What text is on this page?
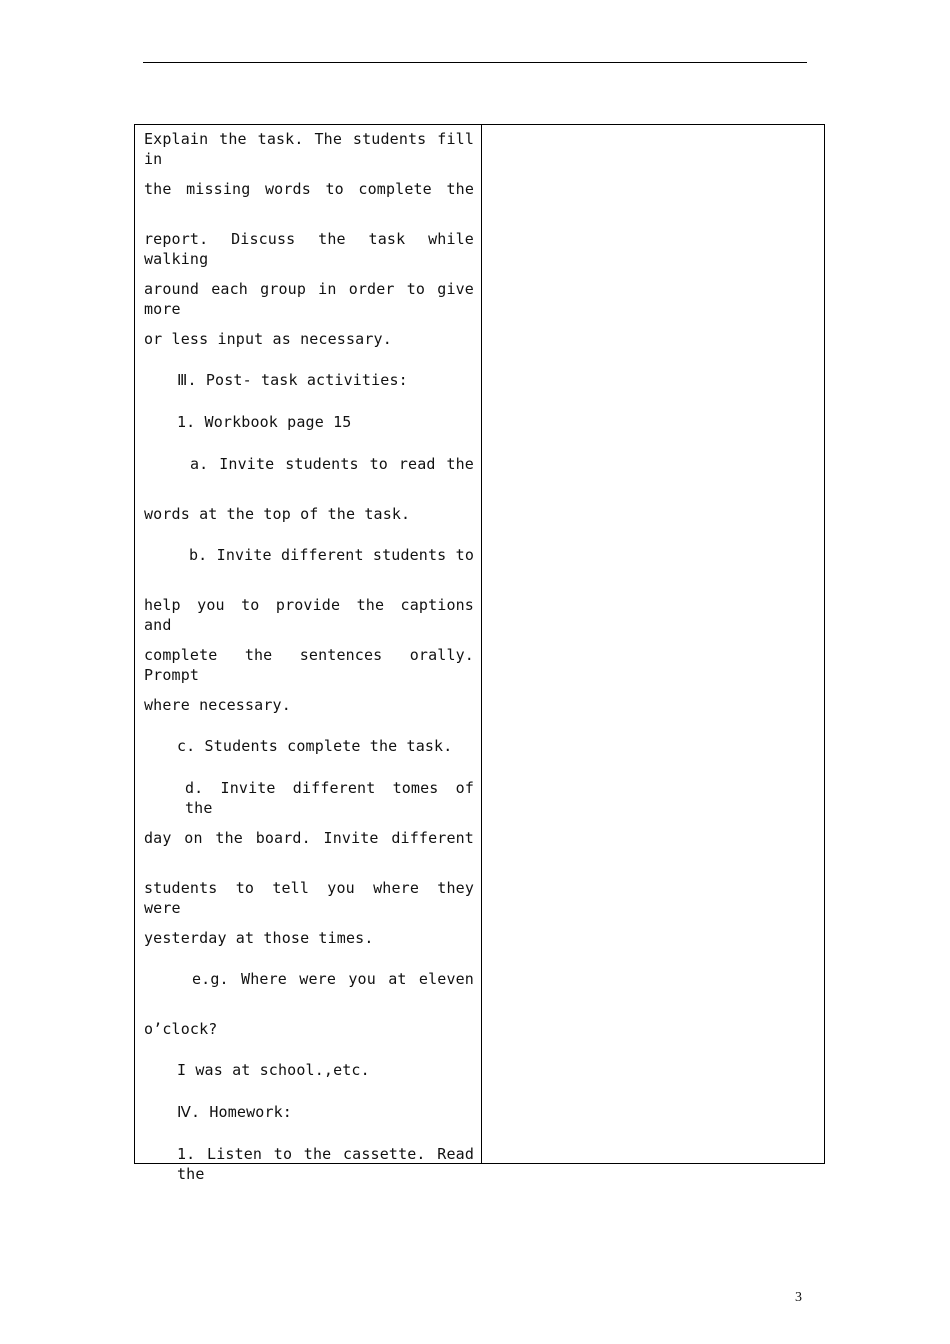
Explain the task. The students fill in
the missing words to complete the
report. Discuss the task while walking
around each group in order to give more
or less input as necessary.
Ⅲ. Post- task activities:
1. Workbook page 15
a. Invite students to read the
words at the top of the task.
b. Invite different students to
help you to provide the captions and
complete the sentences orally. Prompt
where necessary.
c. Students complete the task.
d. Invite different tomes of the
day on the board. Invite different
students to tell you where they were
yesterday at those times.
e.g. Where were you at eleven
o’clock?
I was at school.,etc.
Ⅳ. Homework:
1. Listen to the cassette. Read the
3
